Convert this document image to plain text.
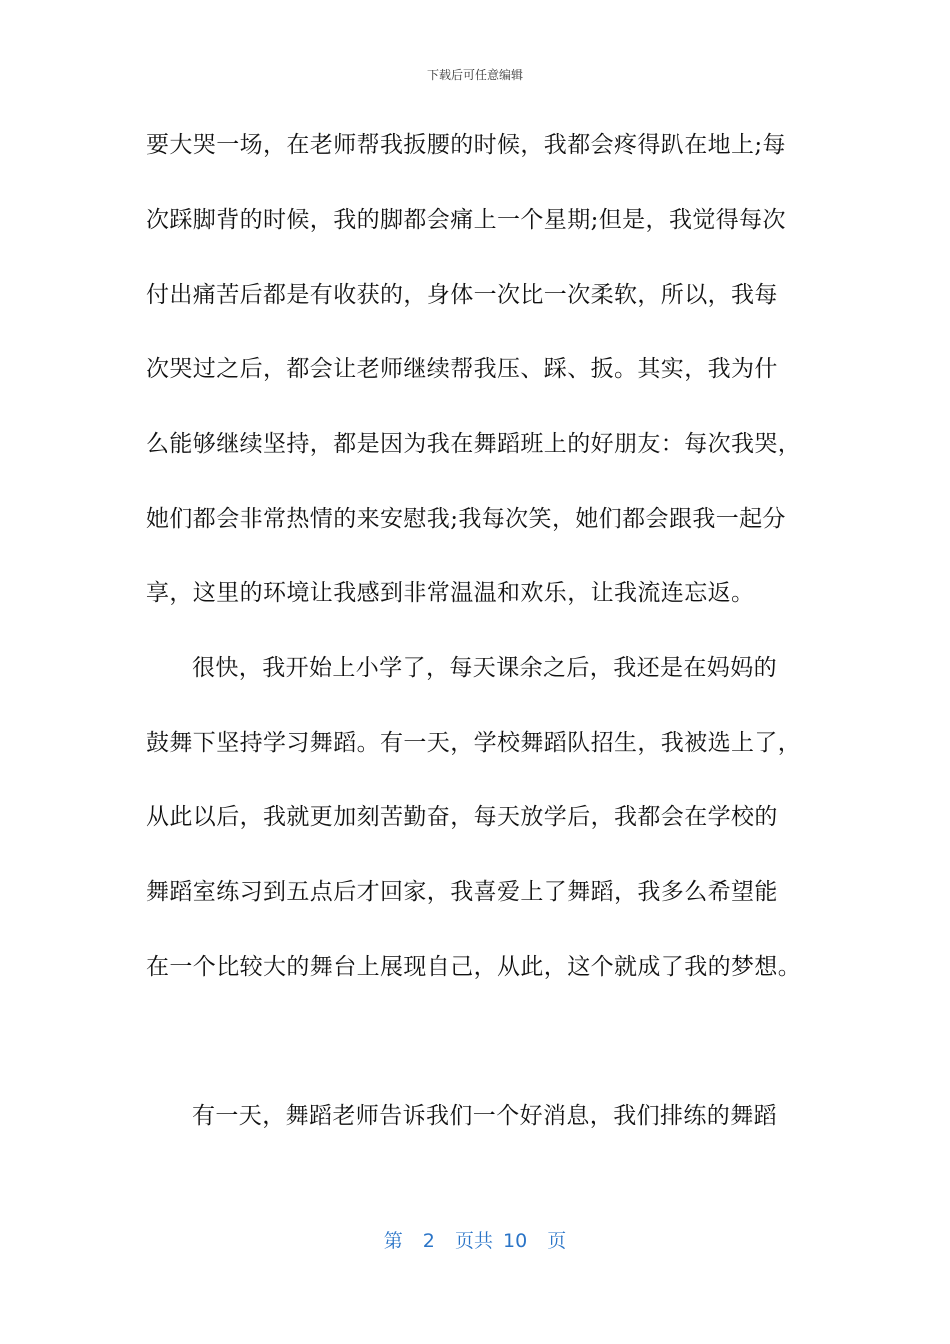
下载后可任意编辑
要大哭一场，在老师帮我扳腰的时候，我都会疼得趴在地上;每
次踩脚背的时候，我的脚都会痛上一个星期;但是，我觉得每次
付出痛苦后都是有收获的，身体一次比一次柔软，所以，我每
次哭过之后，都会让老师继续帮我压、踩、扳。其实，我为什
么能够继续坚持，都是因为我在舞蹈班上的好朋友：每次我哭，
她们都会非常热情的来安慰我;我每次笑，她们都会跟我一起分
享，这里的环境让我感到非常温温和欢乐，让我流连忘返。
很快，我开始上小学了，每天课余之后，我还是在妈妈的
鼓舞下坚持学习舞蹈。有一天，学校舞蹈队招生，我被选上了，
从此以后，我就更加刻苦勤奋，每天放学后，我都会在学校的
舞蹈室练习到五点后才回家，我喜爱上了舞蹈，我多么希望能
在一个比较大的舞台上展现自己，从此，这个就成了我的梦想。
有一天，舞蹈老师告诉我们一个好消息，我们排练的舞蹈
第  2  页共 10  页
